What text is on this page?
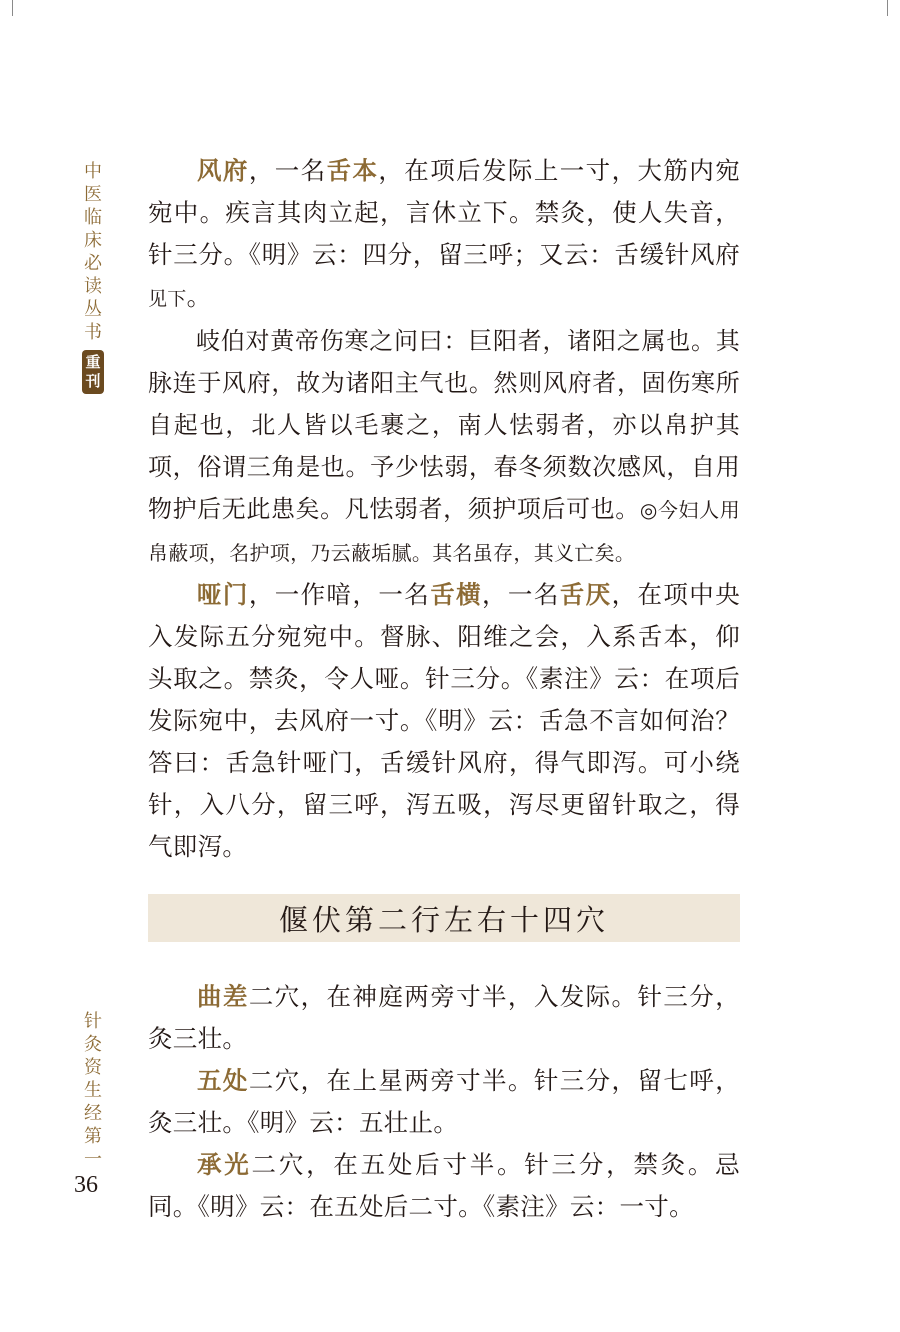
中
医
临
床
必
读
丛
书
重
刊
针
灸
资
生
经
第
一
36

风府，一名舌本，在项后发际上一寸，大筋内宛宛中。疾言其肉立起，言休立下。禁灸，使人失音，针三分。《明》云：四分，留三呼；又云：舌缓针风府见下。

岐伯对黄帝伤寒之问曰：巨阳者，诸阳之属也。其脉连于风府，故为诸阳主气也。然则风府者，固伤寒所自起也，北人皆以毛裹之，南人怯弱者，亦以帛护其项，俗谓三角是也。予少怯弱，春冬须数次感风，自用物护后无此患矣。凡怯弱者，须护项后可也。◎今妇人用帛蔽项，名护项，乃云蔽垢腻。其名虽存，其义亡矣。

哑门，一作喑，一名舌横，一名舌厌，在项中央入发际五分宛宛中。督脉、阳维之会，入系舌本，仰头取之。禁灸，令人哑。针三分。《素注》云：在项后发际宛中，去风府一寸。《明》云：舌急不言如何治？答曰：舌急针哑门，舌缓针风府，得气即泻。可小绕针，入八分，留三呼，泻五吸，泻尽更留针取之，得气即泻。

偃伏第二行左右十四穴

曲差二穴，在神庭两旁寸半，入发际。针三分，灸三壮。

五处二穴，在上星两旁寸半。针三分，留七呼，灸三壮。《明》云：五壮止。

承光二穴，在五处后寸半。针三分，禁灸。忌同。《明》云：在五处后二寸。《素注》云：一寸。
